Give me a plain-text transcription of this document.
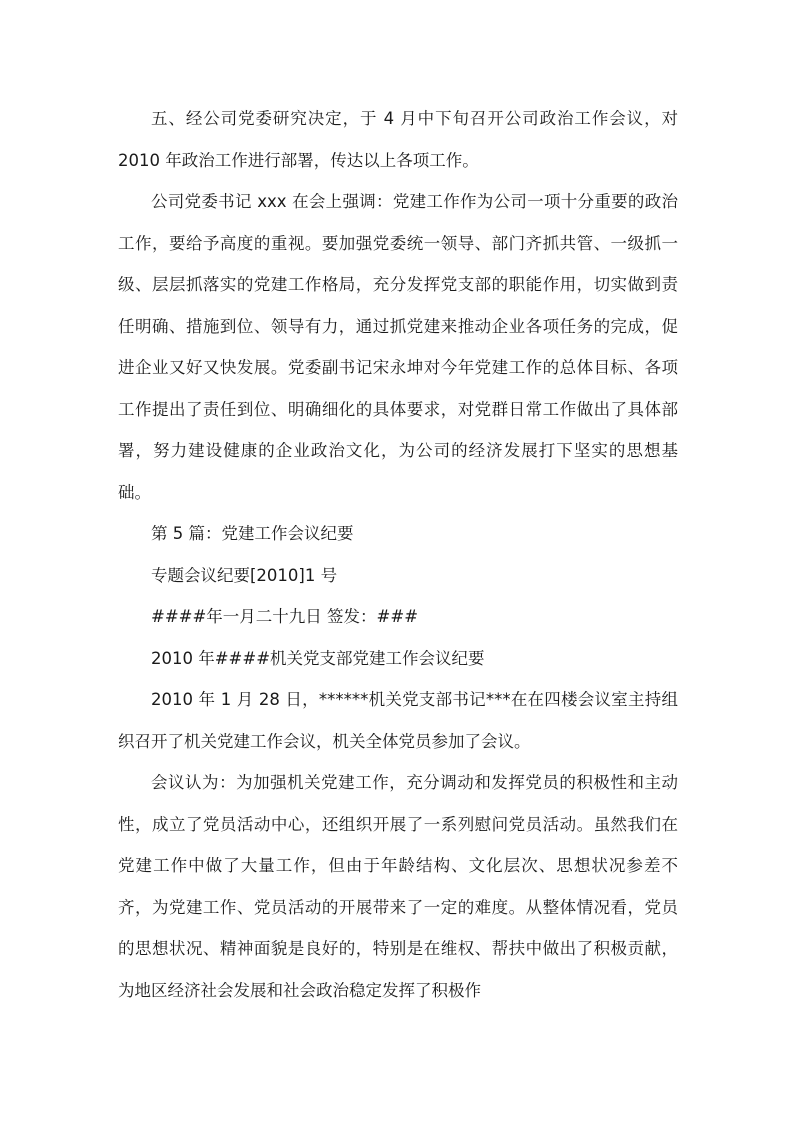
五、经公司党委研究决定，于 4 月中下旬召开公司政治工作会议，对 2010 年政治工作进行部署，传达以上各项工作。

公司党委书记 xxx 在会上强调：党建工作作为公司一项十分重要的政治工作，要给予高度的重视。要加强党委统一领导、部门齐抓共管、一级抓一级、层层抓落实的党建工作格局，充分发挥党支部的职能作用，切实做到责任明确、措施到位、领导有力，通过抓党建来推动企业各项任务的完成，促进企业又好又快发展。党委副书记宋永坤对今年党建工作的总体目标、各项工作提出了责任到位、明确细化的具体要求，对党群日常工作做出了具体部署，努力建设健康的企业政治文化，为公司的经济发展打下坚实的思想基础。

第 5 篇：党建工作会议纪要

专题会议纪要[2010]1 号

####年一月二十九日 签发：###

2010 年####机关党支部党建工作会议纪要

2010 年 1 月 28 日，******机关党支部书记***在在四楼会议室主持组织召开了机关党建工作会议，机关全体党员参加了会议。

会议认为：为加强机关党建工作，充分调动和发挥党员的积极性和主动性，成立了党员活动中心，还组织开展了一系列慰问党员活动。虽然我们在党建工作中做了大量工作，但由于年龄结构、文化层次、思想状况参差不齐，为党建工作、党员活动的开展带来了一定的难度。从整体情况看，党员的思想状况、精神面貌是良好的，特别是在维权、帮扶中做出了积极贡献，为地区经济社会发展和社会政治稳定发挥了积极作
